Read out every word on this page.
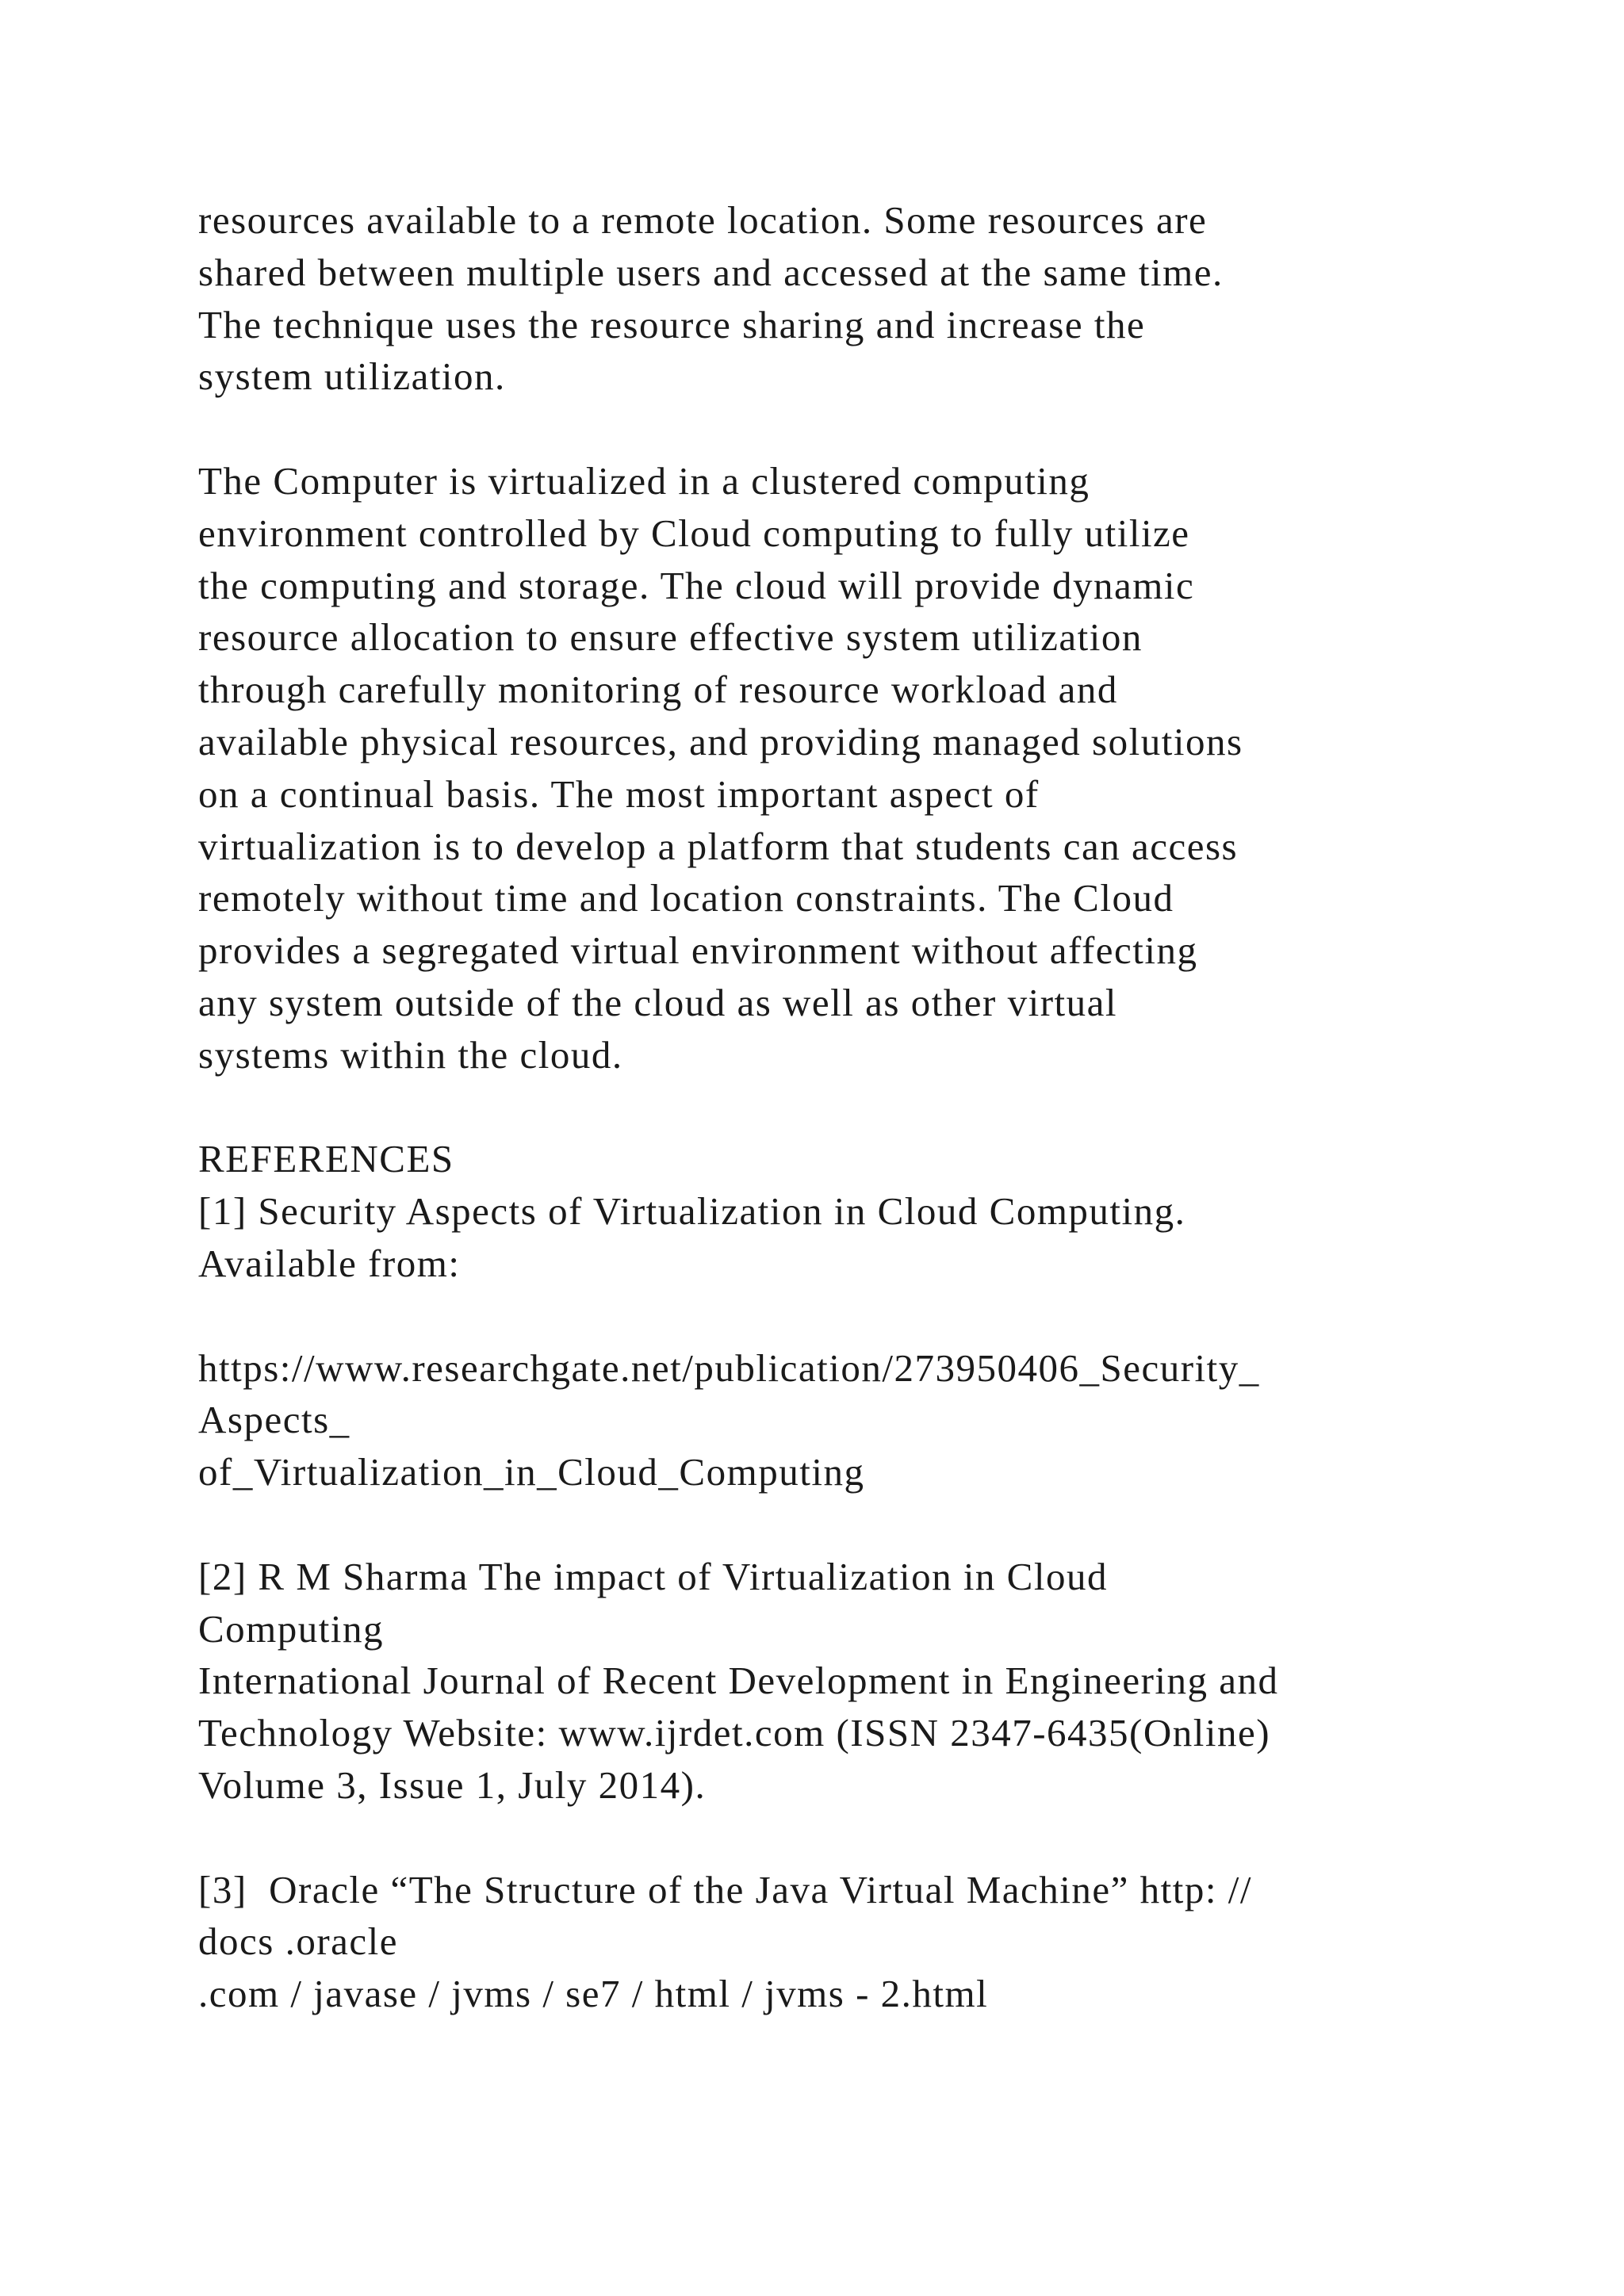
resources available to a remote location. Some resources are
shared between multiple users and accessed at the same time.
The technique uses the resource sharing and increase the
system utilization.
The Computer is virtualized in a clustered computing
environment controlled by Cloud computing to fully utilize
the computing and storage. The cloud will provide dynamic
resource allocation to ensure effective system utilization
through carefully monitoring of resource workload and
available physical resources, and providing managed solutions
on a continual basis. The most important aspect of
virtualization is to develop a platform that students can access
remotely without time and location constraints. The Cloud
provides a segregated virtual environment without affecting
any system outside of the cloud as well as other virtual
systems within the cloud.
REFERENCES
[1] Security Aspects of Virtualization in Cloud Computing.
Available from:
https://www.researchgate.net/publication/273950406_Security_
Aspects_
of_Virtualization_in_Cloud_Computing
[2] R M Sharma The impact of Virtualization in Cloud
Computing
International Journal of Recent Development in Engineering and
Technology Website: www.ijrdet.com (ISSN 2347-6435(Online)
Volume 3, Issue 1, July 2014).
[3]  Oracle “The Structure of the Java Virtual Machine” http: //
docs .oracle
.com / javase / jvms / se7 / html / jvms - 2.html
